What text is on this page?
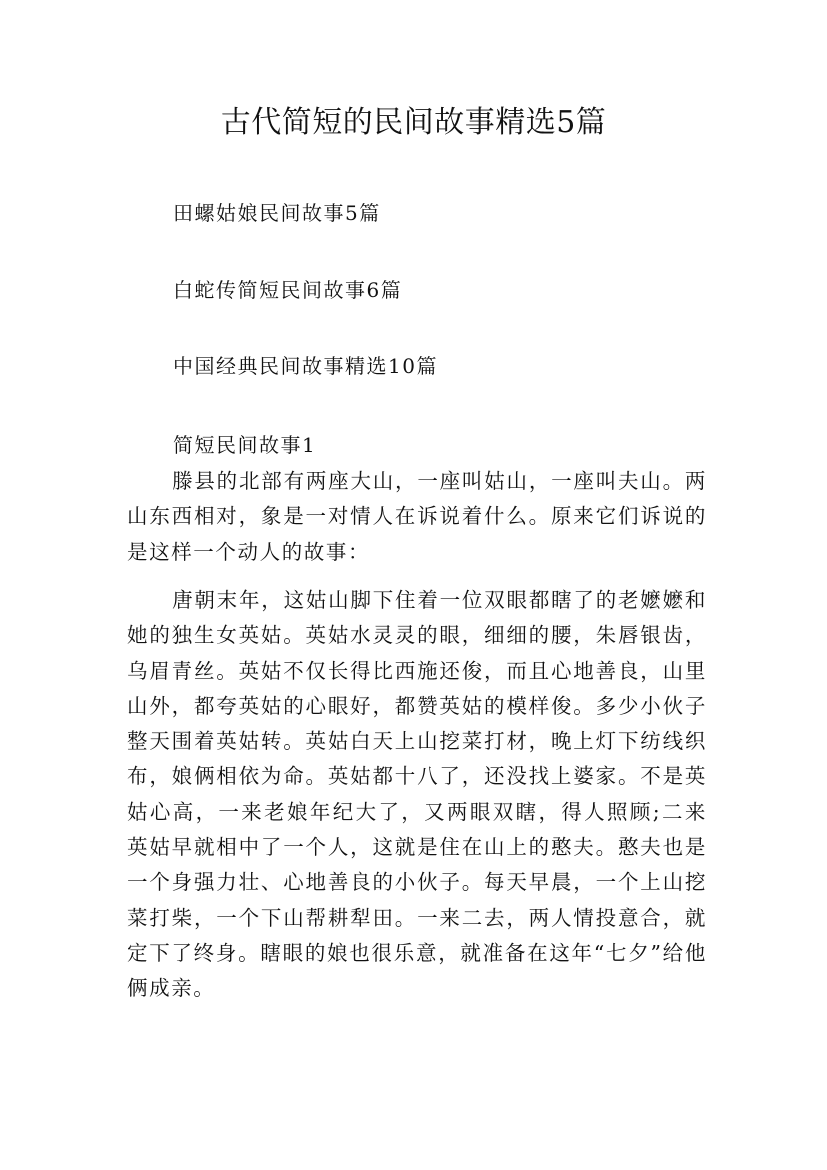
古代简短的民间故事精选5篇

田螺姑娘民间故事5篇

白蛇传简短民间故事6篇

中国经典民间故事精选10篇

简短民间故事1

滕县的北部有两座大山，一座叫姑山，一座叫夫山。两山东西相对，象是一对情人在诉说着什么。原来它们诉说的是这样一个动人的故事：

唐朝末年，这姑山脚下住着一位双眼都瞎了的老嬷嬷和她的独生女英姑。英姑水灵灵的眼，细细的腰，朱唇银齿，乌眉青丝。英姑不仅长得比西施还俊，而且心地善良，山里山外，都夸英姑的心眼好，都赞英姑的模样俊。多少小伙子整天围着英姑转。英姑白天上山挖菜打材，晚上灯下纺线织布，娘俩相依为命。英姑都十八了，还没找上婆家。不是英姑心高，一来老娘年纪大了，又两眼双瞎，得人照顾;二来英姑早就相中了一个人，这就是住在山上的憨夫。憨夫也是一个身强力壮、心地善良的小伙子。每天早晨，一个上山挖菜打柴，一个下山帮耕犁田。一来二去，两人情投意合，就定下了终身。瞎眼的娘也很乐意，就准备在这年“七夕”给他俩成亲。
